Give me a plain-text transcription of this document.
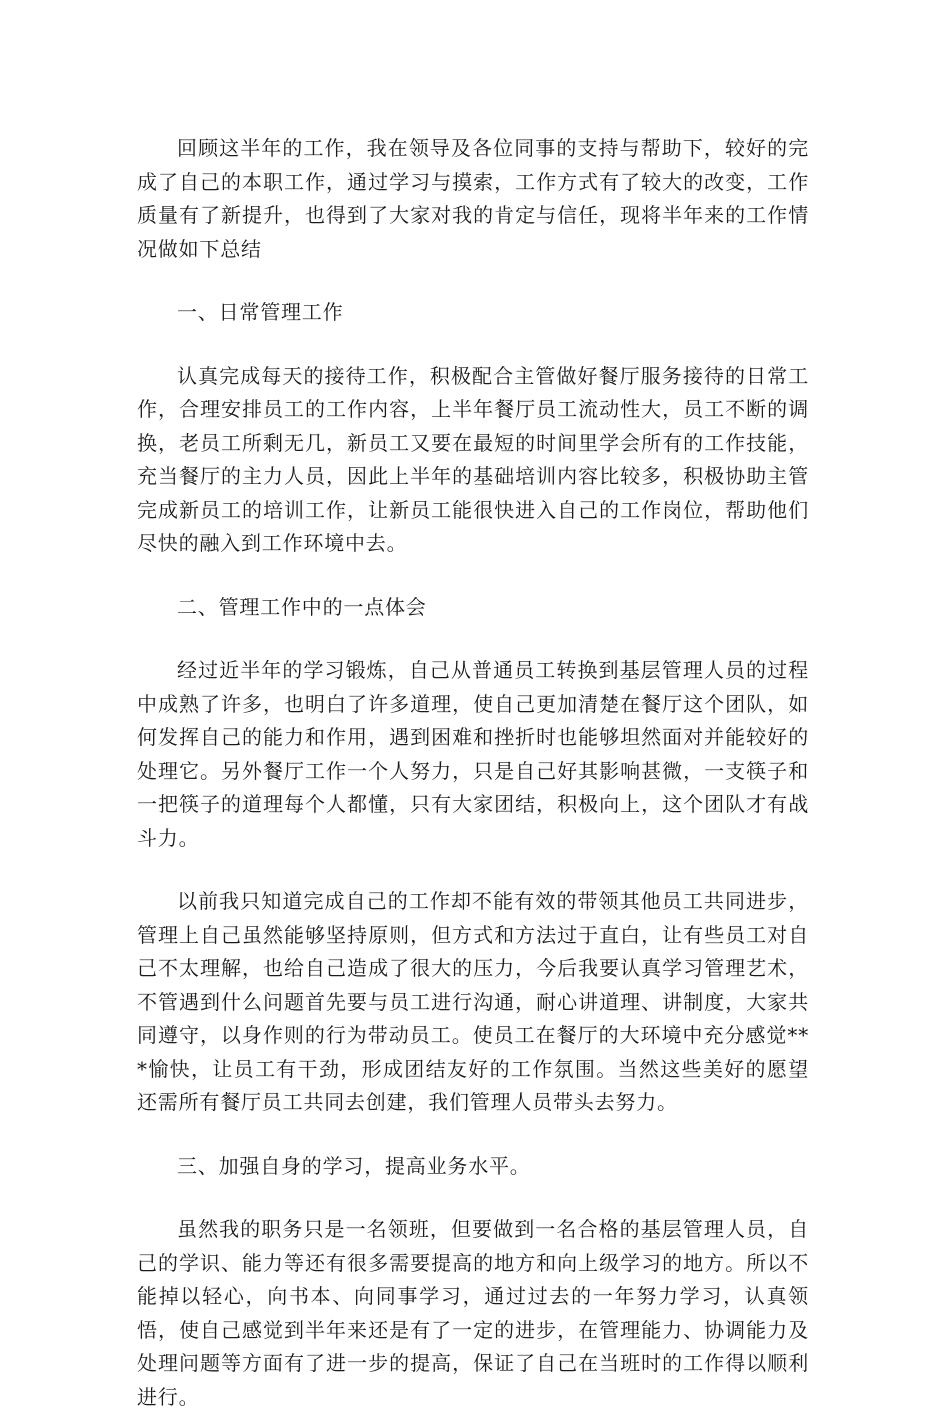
回顾这半年的工作，我在领导及各位同事的支持与帮助下，较好的完成了自己的本职工作，通过学习与摸索，工作方式有了较大的改变，工作质量有了新提升，也得到了大家对我的肯定与信任，现将半年来的工作情况做如下总结

一、日常管理工作

认真完成每天的接待工作，积极配合主管做好餐厅服务接待的日常工作，合理安排员工的工作内容，上半年餐厅员工流动性大，员工不断的调换，老员工所剩无几，新员工又要在最短的时间里学会所有的工作技能，充当餐厅的主力人员，因此上半年的基础培训内容比较多，积极协助主管完成新员工的培训工作，让新员工能很快进入自己的工作岗位，帮助他们尽快的融入到工作环境中去。

二、管理工作中的一点体会

经过近半年的学习锻炼，自己从普通员工转换到基层管理人员的过程中成熟了许多，也明白了许多道理，使自己更加清楚在餐厅这个团队，如何发挥自己的能力和作用，遇到困难和挫折时也能够坦然面对并能较好的处理它。另外餐厅工作一个人努力，只是自己好其影响甚微，一支筷子和一把筷子的道理每个人都懂，只有大家团结，积极向上，这个团队才有战斗力。

以前我只知道完成自己的工作却不能有效的带领其他员工共同进步，管理上自己虽然能够坚持原则，但方式和方法过于直白，让有些员工对自己不太理解，也给自己造成了很大的压力，今后我要认真学习管理艺术，不管遇到什么问题首先要与员工进行沟通，耐心讲道理、讲制度，大家共同遵守，以身作则的行为带动员工。使员工在餐厅的大环境中充分感觉***愉快，让员工有干劲，形成团结友好的工作氛围。当然这些美好的愿望还需所有餐厅员工共同去创建，我们管理人员带头去努力。

三、加强自身的学习，提高业务水平。

虽然我的职务只是一名领班，但要做到一名合格的基层管理人员，自己的学识、能力等还有很多需要提高的地方和向上级学习的地方。所以不能掉以轻心，向书本、向同事学习，通过过去的一年努力学习，认真领悟，使自己感觉到半年来还是有了一定的进步，在管理能力、协调能力及处理问题等方面有了进一步的提高，保证了自己在当班时的工作得以顺利进行。
